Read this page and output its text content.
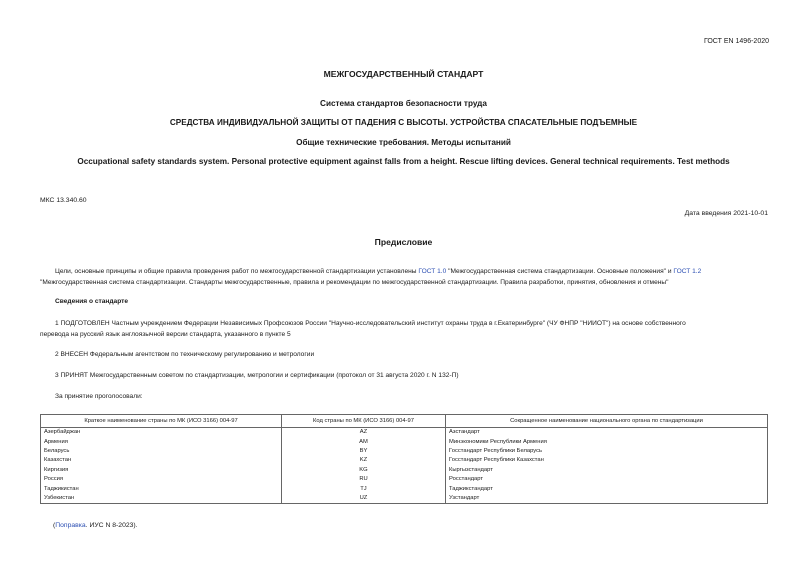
ГОСТ EN 1496-2020
МЕЖГОСУДАРСТВЕННЫЙ СТАНДАРТ
Система стандартов безопасности труда
СРЕДСТВА ИНДИВИДУАЛЬНОЙ ЗАЩИТЫ ОТ ПАДЕНИЯ С ВЫСОТЫ. УСТРОЙСТВА СПАСАТЕЛЬНЫЕ ПОДЪЕМНЫЕ
Общие технические требования. Методы испытаний
Occupational safety standards system. Personal protective equipment against falls from a height. Rescue lifting devices. General technical requirements. Test methods
МКС 13.340.60
Дата введения 2021-10-01
Предисловие
Цели, основные принципы и общие правила проведения работ по межгосударственной стандартизации установлены ГОСТ 1.0 "Межгосударственная система стандартизации. Основные положения" и ГОСТ 1.2
"Межгосударственная система стандартизации. Стандарты межгосударственные, правила и рекомендации по межгосударственной стандартизации. Правила разработки, принятия, обновления и отмены"
Сведения о стандарте
1 ПОДГОТОВЛЕН Частным учреждением Федерации Независимых Профсоюзов России "Научно-исследовательский институт охраны труда в г.Екатеринбурге" (ЧУ ФНПР "НИИОТ") на основе собственного
перевода на русский язык англоязычной версии стандарта, указанного в пункте 5
2 ВНЕСЕН Федеральным агентством по техническому регулированию и метрологии
3 ПРИНЯТ Межгосударственным советом по стандартизации, метрологии и сертификации (протокол от 31 августа 2020 г. N 132-П)
За принятие проголосовали:
Краткое наименование страны по МК (ИСО 3166) 004-97	Код страны по МК (ИСО 3166) 004-97	Сокращенное наименование национального органа по стандартизации
Азербайджан	AZ	Азстандарт
Армения	AM	Минэкономики Республики Армения
Беларусь	BY	Госстандарт Республики Беларусь
Казахстан	KZ	Госстандарт Республики Казахстан
Киргизия	KG	Кыргызстандарт
Россия	RU	Росстандарт
Таджикистан	TJ	Таджикстандарт
Узбекистан	UZ	Узстандарт
(Поправка. ИУС N 8-2023).
